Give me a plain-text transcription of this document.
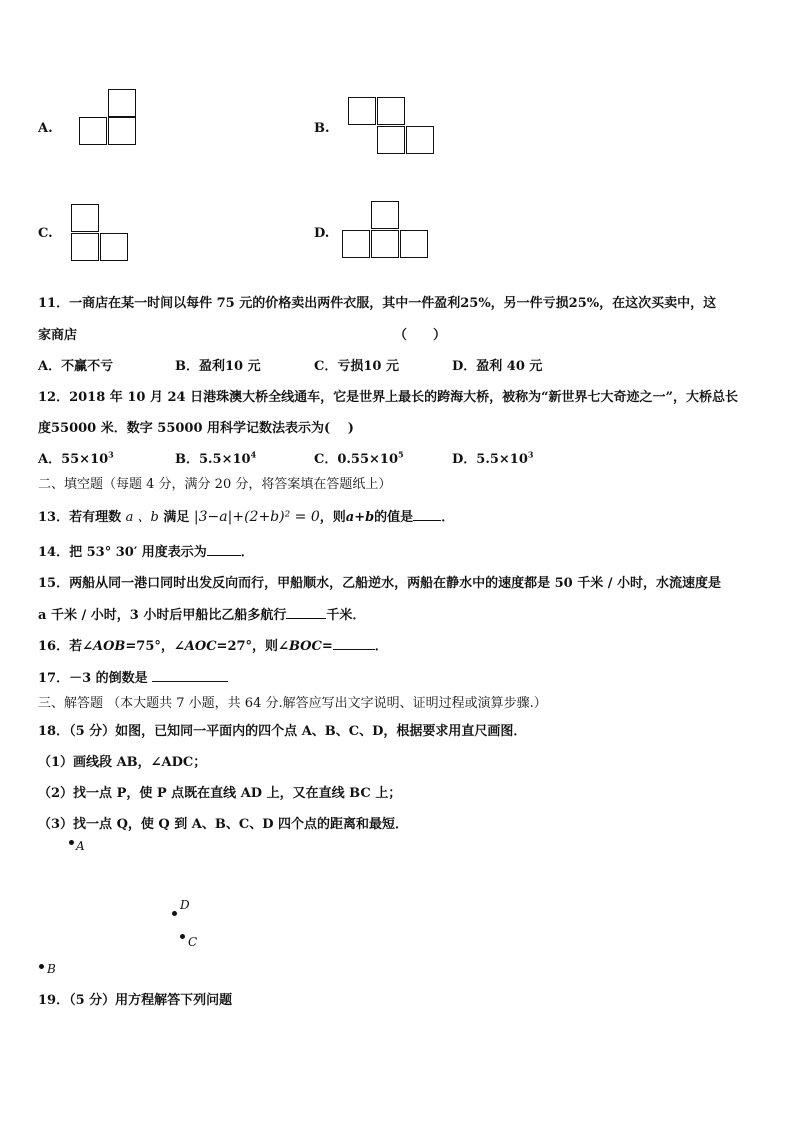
A.	B.
C.	D.
11．一商店在某一时间以每件 75 元的价格卖出两件衣服，其中一件盈利25%，另一件亏损25%，在这次买卖中，这
家商店	（　　）
A．不赢不亏	B．盈利10 元	C．亏损10 元	D．盈利 40 元
12．2018 年 10 月 24 日港珠澳大桥全线通车，它是世界上最长的跨海大桥，被称为“新世界七大奇迹之一”，大桥总长
度55000 米．数字 55000 用科学记数法表示为(　 )
A．$55\times 10^3$	B．$5.5\times 10^4$	C．$0.55\times 10^5$	D．$5.5\times 10^3$
二、填空题（每题 4 分，满分 20 分，将答案填在答题纸上）
13．若有理数 a 、b 满足 |3−a|+(2+b)² = 0，则a+b的值是 ．
14．把 53° 30′ 用度表示为	．
15．两船从同一港口同时出发反向而行，甲船顺水，乙船逆水，两船在静水中的速度都是 50 千米 / 小时，水流速度是
a 千米 / 小时，3 小时后甲船比乙船多航行	千米．
16．若∠AOB=75°，∠AOC=27°，则∠BOC=	．
17．－3 的倒数是
三、解答题 （本大题共 7 小题，共 64 分.解答应写出文字说明、证明过程或演算步骤.）
18．（5 分）如图，已知同一平面内的四个点 A、B、C、D，根据要求用直尺画图．
（1）画线段 AB，∠ADC；
（2）找一点 P，使 P 点既在直线 AD 上，又在直线 BC 上；
（3）找一点 Q，使 Q 到 A、B、C、D 四个点的距离和最短．
A
D
C
B
19．（5 分）用方程解答下列问题
